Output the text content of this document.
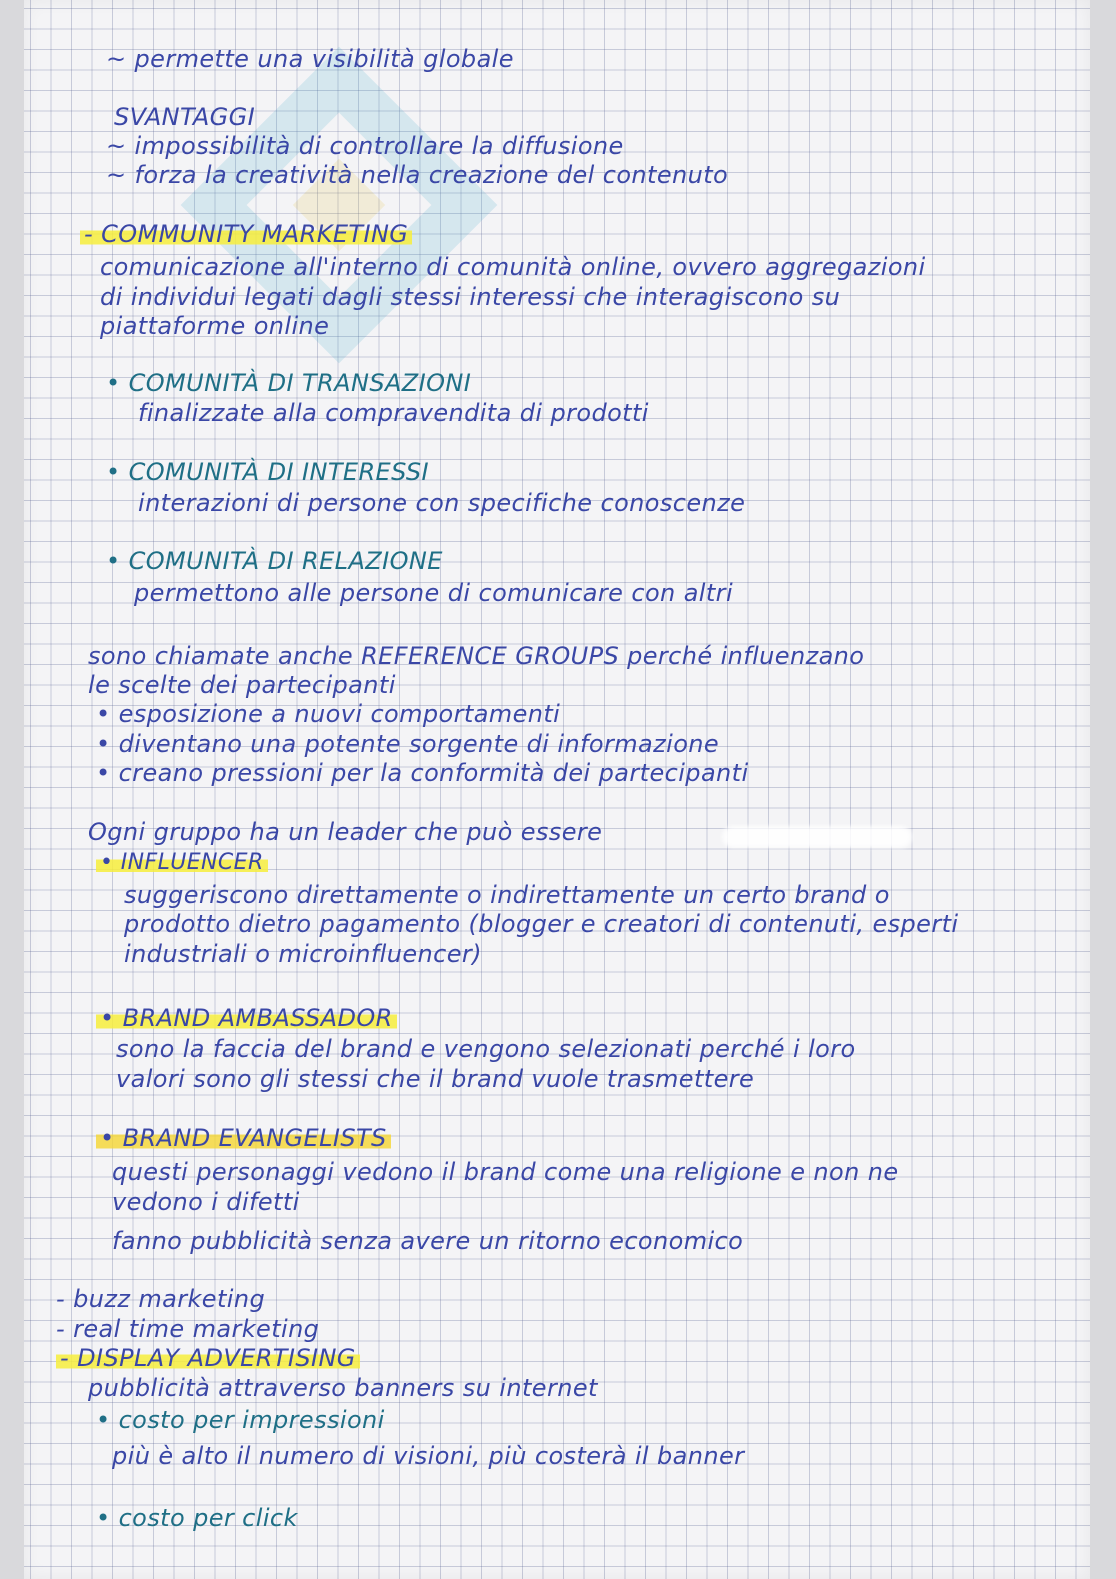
~ permette una visibilità globale

SVANTAGGI

~ impossibilità di controllare la diffusione

~ forza la creatività nella creazione del contenuto

- COMMUNITY MARKETING

comunicazione all'interno di comunità online, ovvero aggregazioni

di individui legati dagli stessi interessi che interagiscono su

piattaforme online

• COMUNITÀ DI TRANSAZIONI

finalizzate alla compravendita di prodotti

• COMUNITÀ DI INTERESSI

interazioni di persone con specifiche conoscenze

• COMUNITÀ DI RELAZIONE

permettono alle persone di comunicare con altri

sono chiamate anche REFERENCE GROUPS perché influenzano

le scelte dei partecipanti

• esposizione a nuovi comportamenti

• diventano una potente sorgente di informazione

• creano pressioni per la conformità dei partecipanti

Ogni gruppo ha un leader che può essere

• INFLUENCER

suggeriscono direttamente o indirettamente un certo brand o

prodotto dietro pagamento (blogger e creatori di contenuti, esperti

industriali o microinfluencer)

• BRAND AMBASSADOR

sono la faccia del brand e vengono selezionati perché i loro

valori sono gli stessi che il brand vuole trasmettere

• BRAND EVANGELISTS

questi personaggi vedono il brand come una religione e non ne

vedono i difetti

fanno pubblicità senza avere un ritorno economico

- buzz marketing

- real time marketing

- DISPLAY ADVERTISING

pubblicità attraverso banners su internet

• costo per impressioni

più è alto il numero di visioni, più costerà il banner

• costo per click
